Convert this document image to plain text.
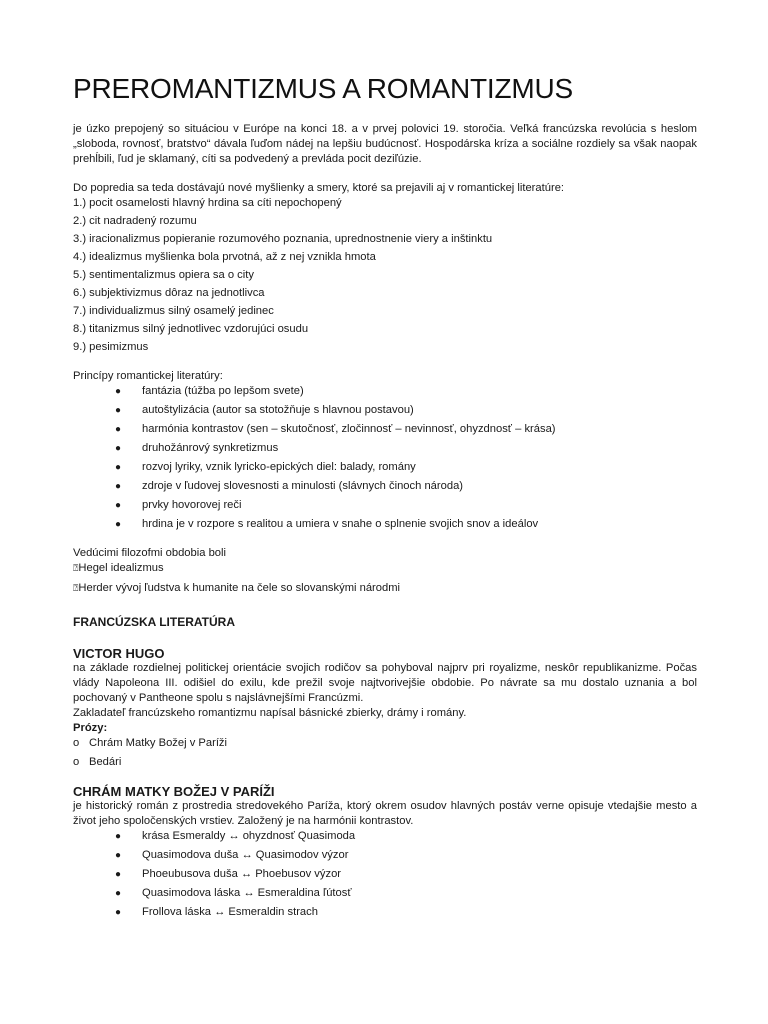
PREROMANTIZMUS A ROMANTIZMUS

je úzko prepojený so situáciou v Európe na konci 18. a v prvej polovici 19. storočia. Veľká francúzska revolúcia s heslom „sloboda, rovnosť, bratstvo“ dávala ľuďom nádej na lepšiu budúcnosť. Hospodárska kríza a sociálne rozdiely sa však naopak prehĺbili, ľud je sklamaný, cíti sa podvedený a prevláda pocit deziľúzie.

Do popredia sa teda dostávajú nové myšlienky a smery, ktoré sa prejavili aj v romantickej literatúre:

1.) pocit osamelosti hlavný hrdina sa cíti nepochopený
2.) cit nadradený rozumu
3.) iracionalizmus popieranie rozumového poznania, uprednostnenie viery a inštinktu
4.) idealizmus myšlienka bola prvotná, až z nej vznikla hmota
5.) sentimentalizmus opiera sa o city
6.) subjektivizmus dôraz na jednotlivca
7.) individualizmus silný osamelý jedinec
8.) titanizmus silný jednotlivec vzdorujúci osudu
9.) pesimizmus

Princípy romantickej literatúry:

● fantázia (túžba po lepšom svete)
● autoštylizácia (autor sa stotožňuje s hlavnou postavou)
● harmónia kontrastov (sen – skutočnosť, zločinnosť – nevinnosť, ohyzdnosť – krása)
● druhožánrový synkretizmus
● rozvoj lyriky, vznik lyricko-epických diel: balady, romány
● zdroje v ľudovej slovesnosti a minulosti (slávnych činoch národa)
● prvky hovorovej reči
● hrdina je v rozpore s realitou a umiera v snahe o splnenie svojich snov a ideálov

Vedúcimi filozofmi obdobia boli

⍰Hegel idealizmus

⍰Herder vývoj ľudstva k humanite na čele so slovanskými národmi

FRANCÚZSKA LITERATÚRA

VICTOR HUGO

na základe rozdielnej politickej orientácie svojich rodičov sa pohyboval najprv pri royalizme, neskôr republikanizme. Počas vlády Napoleona III. odišiel do exilu, kde prežil svoje najtvorivejšie obdobie. Po návrate sa mu dostalo uznania a bol pochovaný v Pantheone spolu s najslávnejšími Francúzmi.

Zakladateľ francúzskeho romantizmu napísal básnické zbierky, drámy i romány.

Prózy:

o Chrám Matky Božej v Paríži
o Bedári

CHRÁM MATKY BOŽEJ V PARÍŽI

je historický román z prostredia stredovekého Paríža, ktorý okrem osudov hlavných postáv verne opisuje vtedajšie mesto a život jeho spoločenských vrstiev. Založený je na harmónii kontrastov.

● krása Esmeraldy ↔ ohyzdnosť Quasimoda
● Quasimodova duša ↔ Quasimodov výzor
● Phoeubusova duša ↔ Phoebusov výzor
● Quasimodova láska ↔ Esmeraldina ľútosť
● Frollova láska ↔ Esmeraldin strach
